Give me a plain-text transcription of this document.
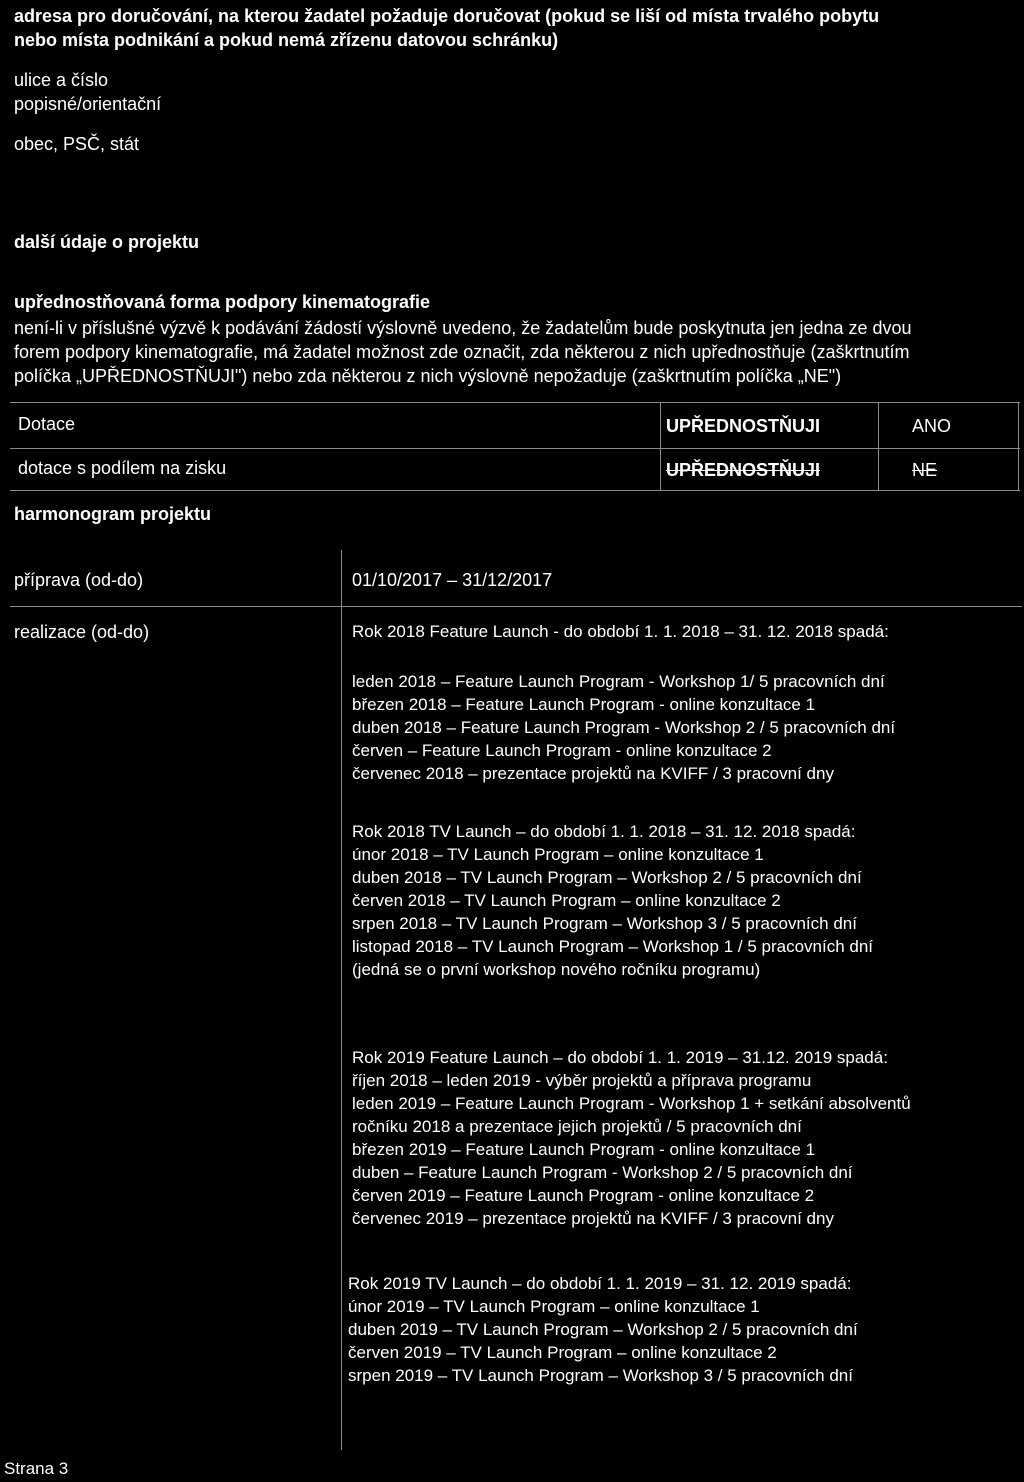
adresa pro doručování, na kterou žadatel požaduje doručovat (pokud se liší od místa trvalého pobytu
nebo místa podnikání a pokud nemá zřízenu datovou schránku)
ulice a číslo
popisné/orientační
obec, PSČ, stát
další údaje o projektu
upřednostňovaná forma podpory kinematografie
není-li v příslušné výzvě k podávání žádostí výslovně uvedeno, že žadatelům bude poskytnuta jen jedna ze dvou
forem podpory kinematografie, má žadatel možnost zde označit, zda některou z nich upřednostňuje (zaškrtnutím
políčka „UPŘEDNOSTŇUJI") nebo zda některou z nich výslovně nepožaduje (zaškrtnutím políčka „NE")
Dotace	UPŘEDNOSTŇUJI	ANO
dotace s podílem na zisku	UPŘEDNOSTŇUJI	NE
harmonogram projektu
příprava (od-do)	01/10/2017 – 31/12/2017
realizace (od-do)	Rok 2018 Feature Launch - do období 1. 1. 2018 – 31. 12. 2018 spadá:
leden 2018 – Feature Launch Program - Workshop 1/ 5 pracovních dní
březen 2018 – Feature Launch Program - online konzultace 1
duben 2018 – Feature Launch Program - Workshop 2 / 5 pracovních dní
červen – Feature Launch Program - online konzultace 2
červenec 2018 – prezentace projektů na KVIFF / 3 pracovní dny
Rok 2018 TV Launch – do období 1. 1. 2018 – 31. 12. 2018 spadá:
únor 2018 – TV Launch Program – online konzultace 1
duben 2018 – TV Launch Program – Workshop 2 / 5 pracovních dní
červen 2018 – TV Launch Program – online konzultace 2
srpen 2018 – TV Launch Program – Workshop 3 / 5 pracovních dní
listopad 2018 – TV Launch Program – Workshop 1 / 5 pracovních dní
(jedná se o první workshop nového ročníku programu)
Rok 2019 Feature Launch – do období 1. 1. 2019 – 31.12. 2019 spadá:
říjen 2018 – leden 2019 - výběr projektů a příprava programu
leden 2019 – Feature Launch Program - Workshop 1 + setkání absolventů
ročníku 2018 a prezentace jejich projektů / 5 pracovních dní
březen 2019 – Feature Launch Program - online konzultace 1
duben – Feature Launch Program - Workshop 2 / 5 pracovních dní
červen 2019 – Feature Launch Program - online konzultace 2
červenec 2019 – prezentace projektů na KVIFF / 3 pracovní dny
Rok 2019 TV Launch – do období 1. 1. 2019 – 31. 12. 2019 spadá:
únor 2019 – TV Launch Program – online konzultace 1
duben 2019 – TV Launch Program – Workshop 2 / 5 pracovních dní
červen 2019 – TV Launch Program – online konzultace 2
srpen 2019 – TV Launch Program – Workshop 3 / 5 pracovních dní
Strana 3
